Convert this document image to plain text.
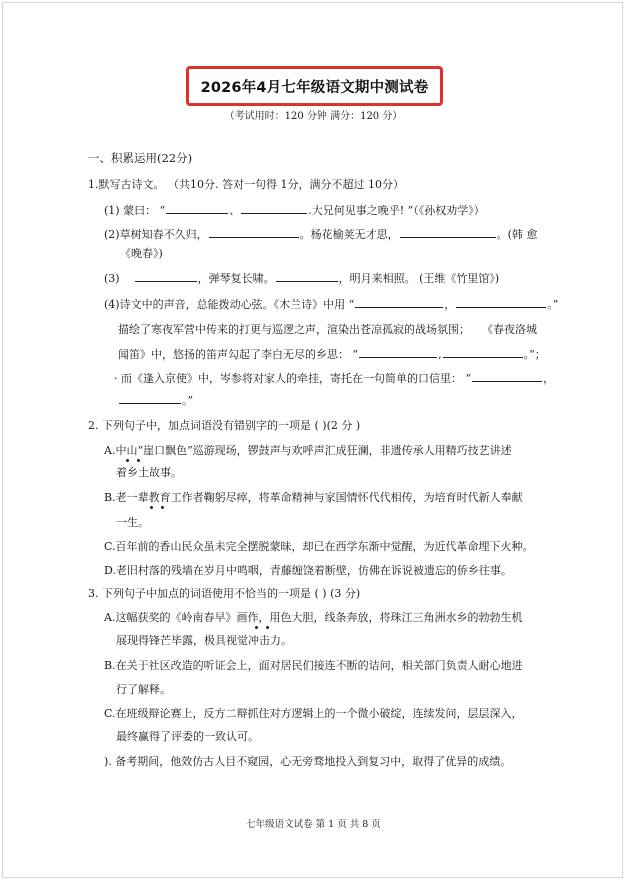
2026年4月七年级语文期中测试卷
（考试用时：120 分钟 满分：120 分）
一、积累运用(22分)
1.默写古诗文。 （共10分. 答对一句得 1分，满分不超过 10分）
(1) 蒙曰： “	、	.大兄何见事之晚乎! ”（《孙权劝学》）
(2)草树知春不久归，	。杨花榆荚无才思，	。(韩 愈
《晚春》)
(3)	，弹琴复长啸。	，明月来相照。 (王维《竹里馆》)
(4)诗文中的声音，总能拨动心弦。《木兰诗》中用 “	，	。”
描绘了寒夜军营中传来的打更与巡逻之声，渲染出苍凉孤寂的战场氛围； 《春夜洛城
闻笛》中，悠扬的笛声勾起了李白无尽的乡思： “	,	。”；
· 而《逢入京使》中，岑参将对家人的牵挂，寄托在一句简单的口信里： “	，
。”
2. 下列句子中，加点词语没有错别字的一项是 ( )(2 分 )
A.中山“崖口飘色”巡游现场，锣鼓声与欢呼声汇成狂澜，非遗传承人用精巧技艺讲述
着乡土故事。
B.老一辈教育工作者鞠躬尽瘁，将革命精神与家国情怀代代相传，为培育时代新人奉献
一生。
C.百年前的香山民众虽未完全摆脱蒙昧，却已在西学东渐中觉醒，为近代革命埋下火种。
D.老旧村落的残墙在岁月中鸣咽，青藤缠饶着断壁，仿佛在诉说被遗忘的侨乡往事。
3. 下列句子中加点的词语使用不恰当的一项是 ( ) (3 分)
A.这幅获奖的《岭南春早》画作，用色大胆，线条奔放，将珠江三角洲水乡的勃勃生机
展现得锋芒毕露，极具视觉冲击力。
B.在关于社区改造的听证会上，面对居民们接连不断的诘问，相关部门负责人耐心地进
行了解释。
C.在班级辩论赛上，反方二辩抓住对方逻辑上的一个微小破绽，连续发问，层层深入，
最终赢得了评委的一致认可。
). 备考期间，他效仿古人目不窥园，心无旁骛地投入到复习中，取得了优异的成绩。
七年级语文试卷 第 1 页 共 8 页
